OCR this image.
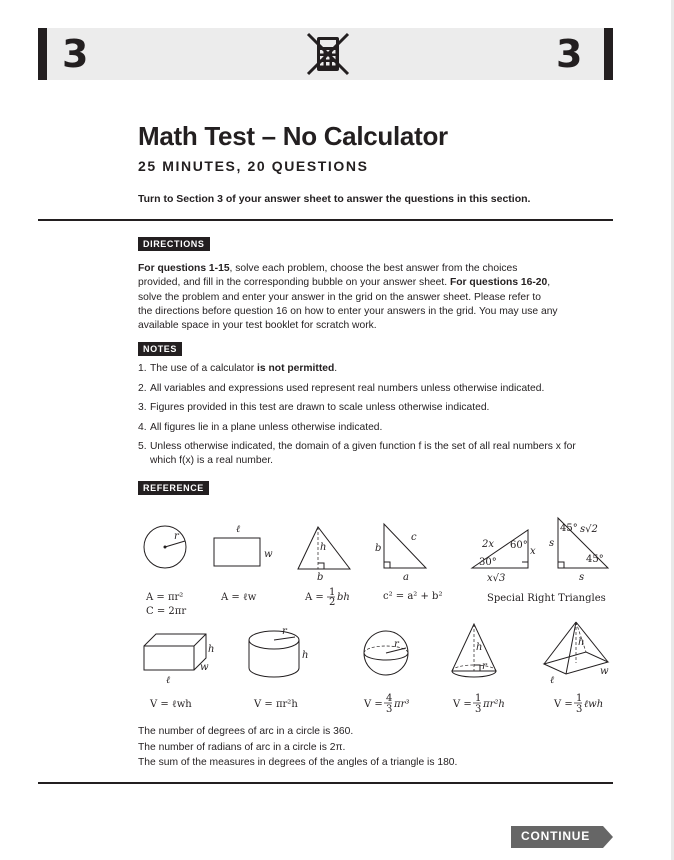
3	3
Math Test – No Calculator
25 MINUTES, 20 QUESTIONS
Turn to Section 3 of your answer sheet to answer the questions in this section.
DIRECTIONS

For questions 1-15, solve each problem, choose the best answer from the choices provided, and fill in the corresponding bubble on your answer sheet. For questions 16-20, solve the problem and enter your answer in the grid on the answer sheet. Please refer to the directions before question 16 on how to enter your answers in the grid. You may use any available space in your test booklet for scratch work.

NOTES
1. The use of a calculator is not permitted.
2. All variables and expressions used represent real numbers unless otherwise indicated.
3. Figures provided in this test are drawn to scale unless otherwise indicated.
4. All figures lie in a plane unless otherwise indicated.
5. Unless otherwise indicated, the domain of a given function f is the set of all real numbers x for which f(x) is a real number.
REFERENCE
r
A = πr²
C = 2πr
ℓ
w
A = ℓw
h
b
A = 1
2 bh
b
c
a
c² = a² + b²
2x 60°
30°
x
x√3
45° s√2
45°
s
s
Special Right Triangles
h
w
ℓ
V = ℓwh
r
h
V = πr²h
r
V =
4
3 πr³
h
r
V =
1
3 πr²h
h
w
ℓ
V =
1
3 ℓwh
The number of degrees of arc in a circle is 360.
The number of radians of arc in a circle is 2π.
The sum of the measures in degrees of the angles of a triangle is 180.
CONTINUE
